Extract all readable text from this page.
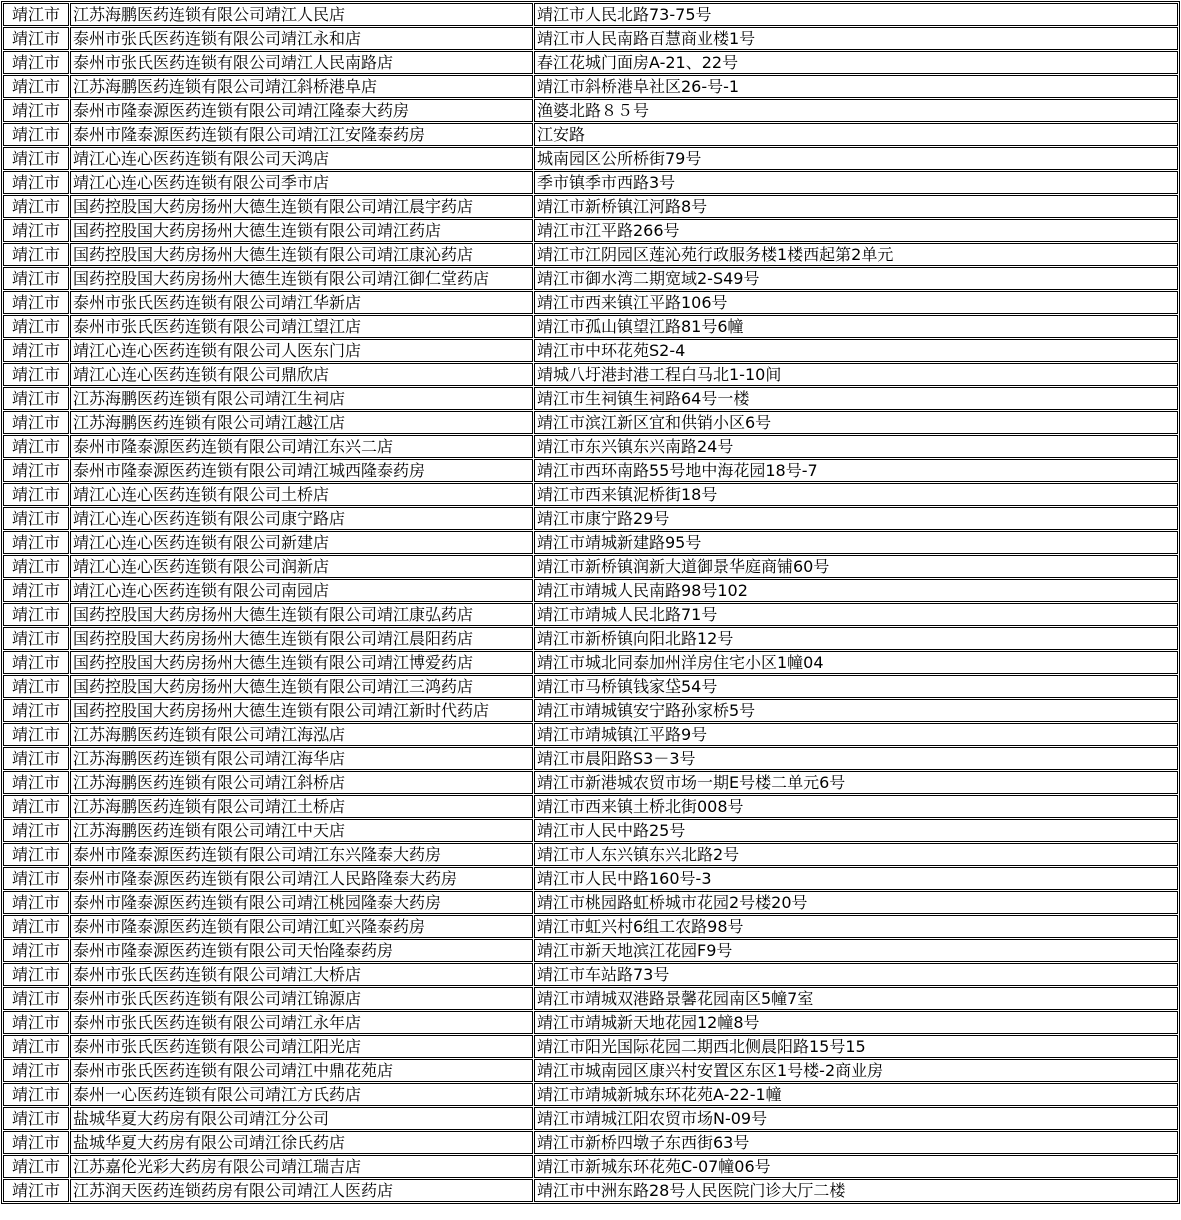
靖江市	江苏海鹏医药连锁有限公司靖江人民店	靖江市人民北路73-75号
靖江市	泰州市张氏医药连锁有限公司靖江永和店	靖江市人民南路百慧商业楼1号
靖江市	泰州市张氏医药连锁有限公司靖江人民南路店	春江花城门面房A-21、22号
靖江市	江苏海鹏医药连锁有限公司靖江斜桥港阜店	靖江市斜桥港阜社区26-号-1
靖江市	泰州市隆泰源医药连锁有限公司靖江隆泰大药房	渔婆北路８５号
靖江市	泰州市隆泰源医药连锁有限公司靖江江安隆泰药房	江安路
靖江市	靖江心连心医药连锁有限公司天鸿店	城南园区公所桥街79号
靖江市	靖江心连心医药连锁有限公司季市店	季市镇季市西路3号
靖江市	国药控股国大药房扬州大德生连锁有限公司靖江晨宇药店	靖江市新桥镇江河路8号
靖江市	国药控股国大药房扬州大德生连锁有限公司靖江药店	靖江市江平路266号
靖江市	国药控股国大药房扬州大德生连锁有限公司靖江康沁药店	靖江市江阴园区莲沁苑行政服务楼1楼西起第2单元
靖江市	国药控股国大药房扬州大德生连锁有限公司靖江御仁堂药店	靖江市御水湾二期宽域2-S49号
靖江市	泰州市张氏医药连锁有限公司靖江华新店	靖江市西来镇江平路106号
靖江市	泰州市张氏医药连锁有限公司靖江望江店	靖江市孤山镇望江路81号6幢
靖江市	靖江心连心医药连锁有限公司人医东门店	靖江市中环花苑S2-4
靖江市	靖江心连心医药连锁有限公司鼎欣店	靖城八圩港封港工程白马北1-10间
靖江市	江苏海鹏医药连锁有限公司靖江生祠店	靖江市生祠镇生祠路64号一楼
靖江市	江苏海鹏医药连锁有限公司靖江越江店	靖江市滨江新区宜和供销小区6号
靖江市	泰州市隆泰源医药连锁有限公司靖江东兴二店	靖江市东兴镇东兴南路24号
靖江市	泰州市隆泰源医药连锁有限公司靖江城西隆泰药房	靖江市西环南路55号地中海花园18号-7
靖江市	靖江心连心医药连锁有限公司土桥店	靖江市西来镇泥桥街18号
靖江市	靖江心连心医药连锁有限公司康宁路店	靖江市康宁路29号
靖江市	靖江心连心医药连锁有限公司新建店	靖江市靖城新建路95号
靖江市	靖江心连心医药连锁有限公司润新店	靖江市新桥镇润新大道御景华庭商铺60号
靖江市	靖江心连心医药连锁有限公司南园店	靖江市靖城人民南路98号102
靖江市	国药控股国大药房扬州大德生连锁有限公司靖江康弘药店	靖江市靖城人民北路71号
靖江市	国药控股国大药房扬州大德生连锁有限公司靖江晨阳药店	靖江市新桥镇向阳北路12号
靖江市	国药控股国大药房扬州大德生连锁有限公司靖江博爱药店	靖江市城北同泰加州洋房住宅小区1幢04
靖江市	国药控股国大药房扬州大德生连锁有限公司靖江三鸿药店	靖江市马桥镇钱家垈54号
靖江市	国药控股国大药房扬州大德生连锁有限公司靖江新时代药店	靖江市靖城镇安宁路孙家桥5号
靖江市	江苏海鹏医药连锁有限公司靖江海泓店	靖江市靖城镇江平路9号
靖江市	江苏海鹏医药连锁有限公司靖江海华店	靖江市晨阳路S3－3号
靖江市	江苏海鹏医药连锁有限公司靖江斜桥店	靖江市新港城农贸市场一期E号楼二单元6号
靖江市	江苏海鹏医药连锁有限公司靖江土桥店	靖江市西来镇土桥北街008号
靖江市	江苏海鹏医药连锁有限公司靖江中天店	靖江市人民中路25号
靖江市	泰州市隆泰源医药连锁有限公司靖江东兴隆泰大药房	靖江市人东兴镇东兴北路2号
靖江市	泰州市隆泰源医药连锁有限公司靖江人民路隆泰大药房	靖江市人民中路160号-3
靖江市	泰州市隆泰源医药连锁有限公司靖江桃园隆泰大药房	靖江市桃园路虹桥城市花园2号楼20号
靖江市	泰州市隆泰源医药连锁有限公司靖江虹兴隆泰药房	靖江市虹兴村6组工农路98号
靖江市	泰州市隆泰源医药连锁有限公司天怡隆泰药房	靖江市新天地滨江花园F9号
靖江市	泰州市张氏医药连锁有限公司靖江大桥店	靖江市车站路73号
靖江市	泰州市张氏医药连锁有限公司靖江锦源店	靖江市靖城双港路景馨花园南区5幢7室
靖江市	泰州市张氏医药连锁有限公司靖江永年店	靖江市靖城新天地花园12幢8号
靖江市	泰州市张氏医药连锁有限公司靖江阳光店	靖江市阳光国际花园二期西北侧晨阳路15号15
靖江市	泰州市张氏医药连锁有限公司靖江中鼎花苑店	靖江市城南园区康兴村安置区东区1号楼-2商业房
靖江市	泰州一心医药连锁有限公司靖江方氏药店	靖江市靖城新城东环花苑A-22-1幢
靖江市	盐城华夏大药房有限公司靖江分公司	靖江市靖城江阳农贸市场N-09号
靖江市	盐城华夏大药房有限公司靖江徐氏药店	靖江市新桥四墩子东西街63号
靖江市	江苏嘉伦光彩大药房有限公司靖江瑞吉店	靖江市新城东环花苑C-07幢06号
靖江市	江苏润天医药连锁药房有限公司靖江人医药店	靖江市中洲东路28号人民医院门诊大厅二楼
